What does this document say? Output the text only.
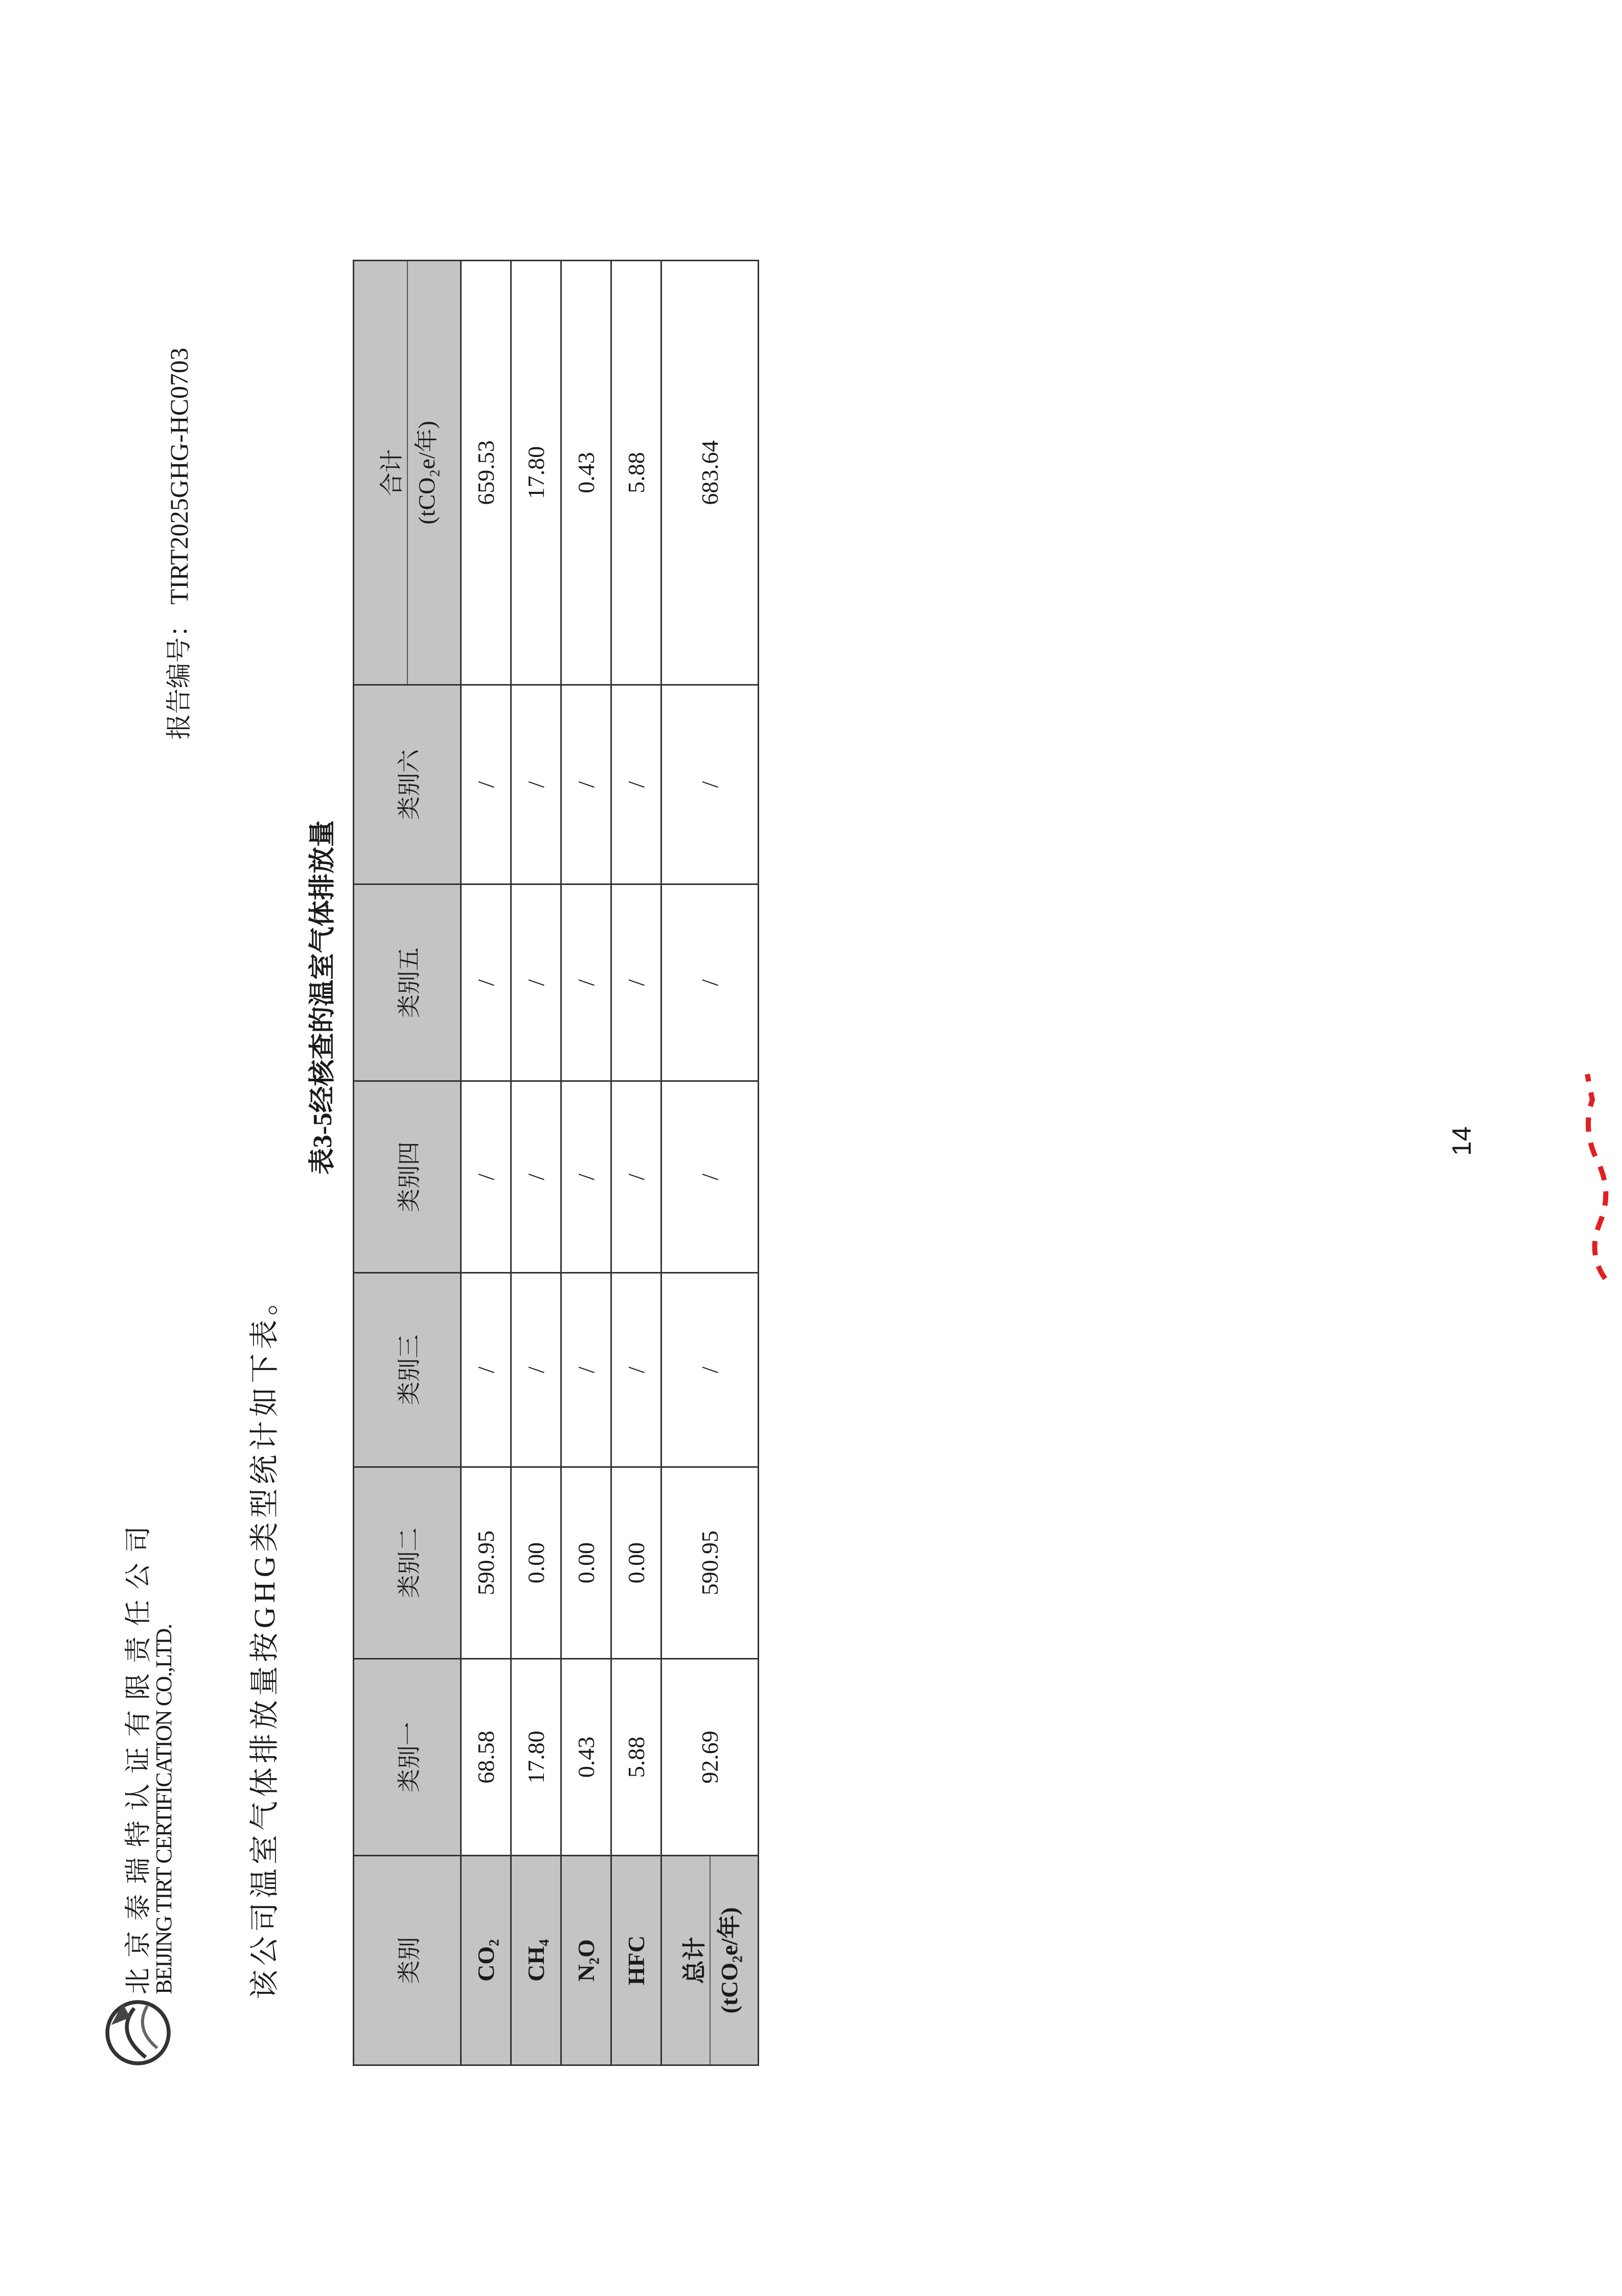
北京泰瑞特认证有限责任公司
BEIJING TIRT CERTIFICATION CO.,LTD.
报告编号：TIRT2025GHG-HC0703
该公司温室气体排放量按GHG类型统计如下表。
表3-5经核查的温室气体排放量
类别	类别一	类别二	类别三	类别四	类别五	类别六	合计 (tCO₂e/年)

CO₂	68.58	590.95	/	/	/	/	659.53
CH₄	17.80	0.00	/	/	/	/	17.80
N₂O	0.43	0.00	/	/	/	/	0.43
HFC	5.88	0.00	/	/	/	/	5.88

总计 (tCO₂e/年)	92.69	590.95	/	/	/	/	683.64
14
